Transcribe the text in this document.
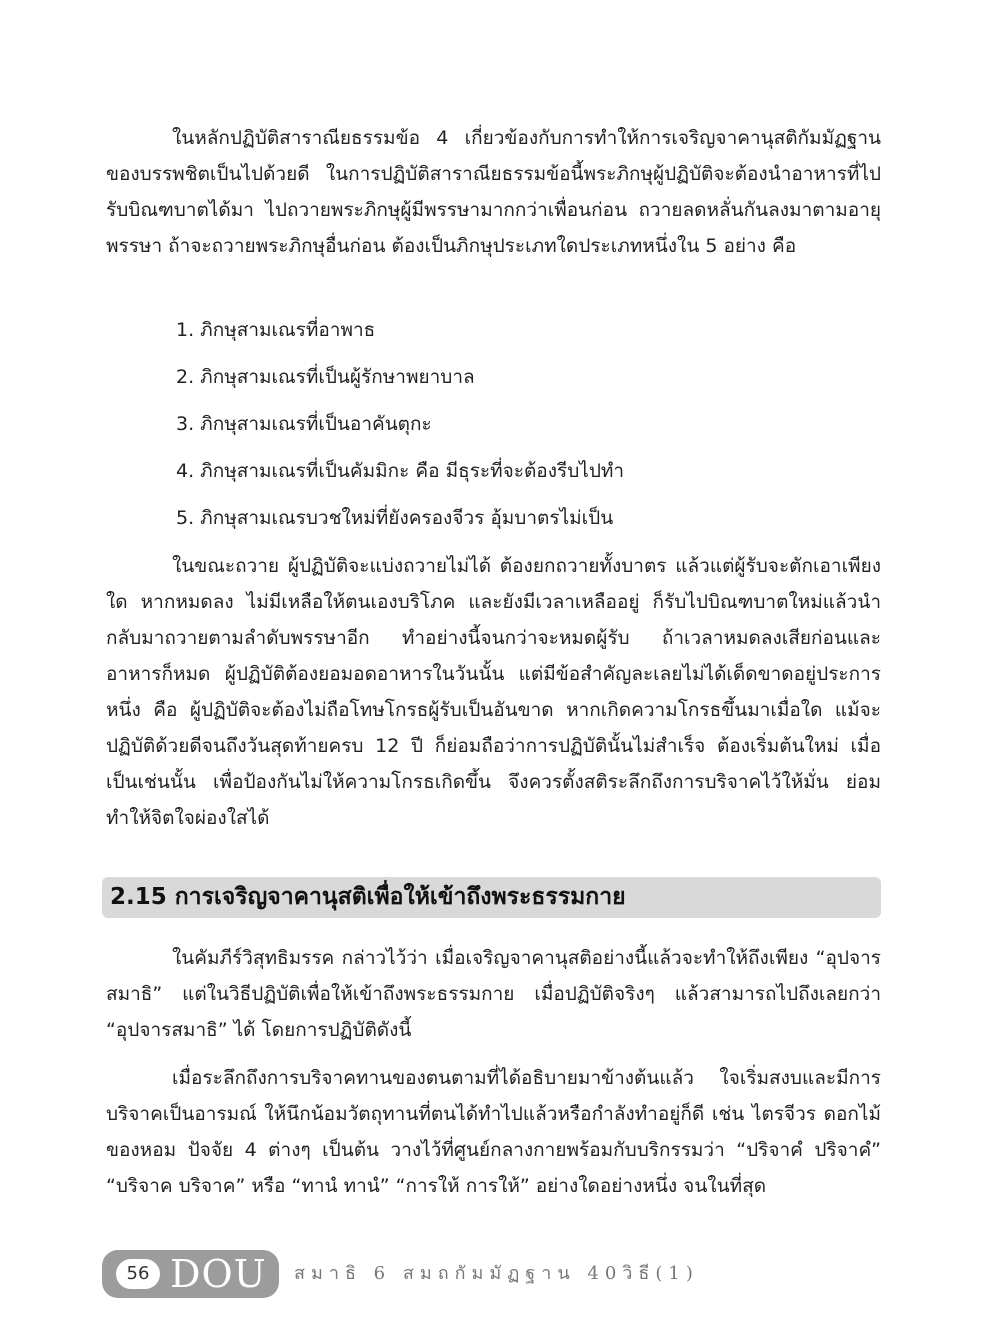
ในหลักปฏิบัติสาราณียธรรมข้อ 4 เกี่ยวข้องกับการทำให้การเจริญจาคานุสติกัมมัฏฐานของบรรพชิตเป็นไปด้วยดี ในการปฏิบัติสาราณียธรรมข้อนี้พระภิกษุผู้ปฏิบัติจะต้องนำอาหารที่ไปรับบิณฑบาตได้มา ไปถวายพระภิกษุผู้มีพรรษามากกว่าเพื่อนก่อน ถวายลดหลั่นกันลงมาตามอายุพรรษา ถ้าจะถวายพระภิกษุอื่นก่อน ต้องเป็นภิกษุประเภทใดประเภทหนึ่งใน 5 อย่าง คือ

1. ภิกษุสามเณรที่อาพาธ
2. ภิกษุสามเณรที่เป็นผู้รักษาพยาบาล
3. ภิกษุสามเณรที่เป็นอาคันตุกะ
4. ภิกษุสามเณรที่เป็นคัมมิกะ คือ มีธุระที่จะต้องรีบไปทำ
5. ภิกษุสามเณรบวชใหม่ที่ยังครองจีวร อุ้มบาตรไม่เป็น

ในขณะถวาย ผู้ปฏิบัติจะแบ่งถวายไม่ได้ ต้องยกถวายทั้งบาตร แล้วแต่ผู้รับจะตักเอาเพียงใด หากหมดลง ไม่มีเหลือให้ตนเองบริโภค และยังมีเวลาเหลืออยู่ ก็รับไปบิณฑบาตใหม่แล้วนำกลับมาถวายตามลำดับพรรษาอีก ทำอย่างนี้จนกว่าจะหมดผู้รับ ถ้าเวลาหมดลงเสียก่อนและอาหารก็หมด ผู้ปฏิบัติต้องยอมอดอาหารในวันนั้น แต่มีข้อสำคัญละเลยไม่ได้เด็ดขาดอยู่ประการหนึ่ง คือ ผู้ปฏิบัติจะต้องไม่ถือโทษโกรธผู้รับเป็นอันขาด หากเกิดความโกรธขึ้นมาเมื่อใด แม้จะปฏิบัติด้วยดีจนถึงวันสุดท้ายครบ 12 ปี ก็ย่อมถือว่าการปฏิบัตินั้นไม่สำเร็จ ต้องเริ่มต้นใหม่ เมื่อเป็นเช่นนั้น เพื่อป้องกันไม่ให้ความโกรธเกิดขึ้น จึงควรตั้งสติระลึกถึงการบริจาคไว้ให้มั่น ย่อมทำให้จิตใจผ่องใสได้

2.15 การเจริญจาคานุสติเพื่อให้เข้าถึงพระธรรมกาย

ในคัมภีร์วิสุทธิมรรค กล่าวไว้ว่า เมื่อเจริญจาคานุสติอย่างนี้แล้วจะทำให้ถึงเพียง “อุปจารสมาธิ” แต่ในวิธีปฏิบัติเพื่อให้เข้าถึงพระธรรมกาย เมื่อปฏิบัติจริงๆ แล้วสามารถไปถึงเลยกว่า “อุปจารสมาธิ” ได้ โดยการปฏิบัติดังนี้

เมื่อระลึกถึงการบริจาคทานของตนตามที่ได้อธิบายมาข้างต้นแล้ว ใจเริ่มสงบและมีการบริจาคเป็นอารมณ์ ให้นึกน้อมวัตถุทานที่ตนได้ทำไปแล้วหรือกำลังทำอยู่ก็ดี เช่น ไตรจีวร ดอกไม้ของหอม ปัจจัย 4 ต่างๆ เป็นต้น วางไว้ที่ศูนย์กลางกายพร้อมกับบริกรรมว่า “ปริจาคํ ปริจาคํ” “บริจาค บริจาค” หรือ “ทานํ ทานํ” “การให้ การให้” อย่างใดอย่างหนึ่ง จนในที่สุด

56 DOU สมาธิ 6 สมถกัมมัฏฐาน 40วิธี(1)
